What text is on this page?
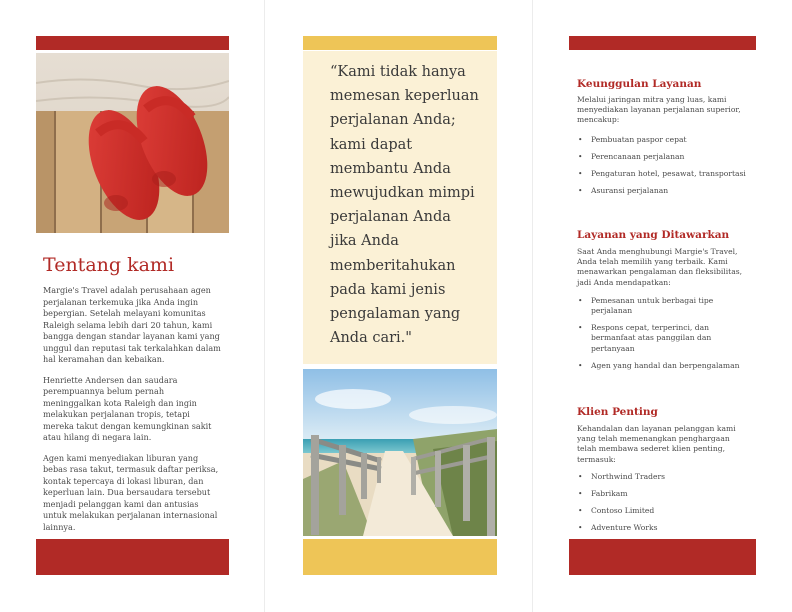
Tentang kami

Margie's Travel adalah perusahaan agen perjalanan terkemuka jika Anda ingin bepergian. Setelah melayani komunitas Raleigh selama lebih dari 20 tahun, kami bangga dengan standar layanan kami yang unggul dan reputasi tak terkalahkan dalam hal keramahan dan kebaikan.

Henriette Andersen dan saudara perempuannya belum pernah meninggalkan kota Raleigh dan ingin melakukan perjalanan tropis, tetapi mereka takut dengan kemungkinan sakit atau hilang di negara lain.

Agen kami menyediakan liburan yang bebas rasa takut, termasuk daftar periksa, kontak tepercaya di lokasi liburan, dan keperluan lain. Dua bersaudara tersebut menjadi pelanggan kami dan antusias untuk melakukan perjalanan internasional lainnya.

“Kami tidak hanya memesan keperluan perjalanan Anda; kami dapat membantu Anda mewujudkan mimpi perjalanan Anda jika Anda memberitahukan pada kami jenis pengalaman yang Anda cari."
Keunggulan Layanan
Melalui jaringan mitra yang luas, kami menyediakan layanan perjalanan superior, mencakup:
• Pembuatan paspor cepat
• Perencanaan perjalanan
• Pengaturan hotel, pesawat, transportasi
• Asuransi perjalanan
Layanan yang Ditawarkan
Saat Anda menghubungi Margie's Travel, Anda telah memilih yang terbaik. Kami menawarkan pengalaman dan fleksibilitas, jadi Anda mendapatkan:
• Pemesanan untuk berbagai tipe perjalanan
• Respons cepat, terperinci, dan bermanfaat atas panggilan dan pertanyaan
• Agen yang handal dan berpengalaman
Klien Penting
Kehandalan dan layanan pelanggan kami yang telah memenangkan penghargaan telah membawa sederet klien penting, termasuk:
• Northwind Traders
• Fabrikam
• Contoso Limited
• Adventure Works
